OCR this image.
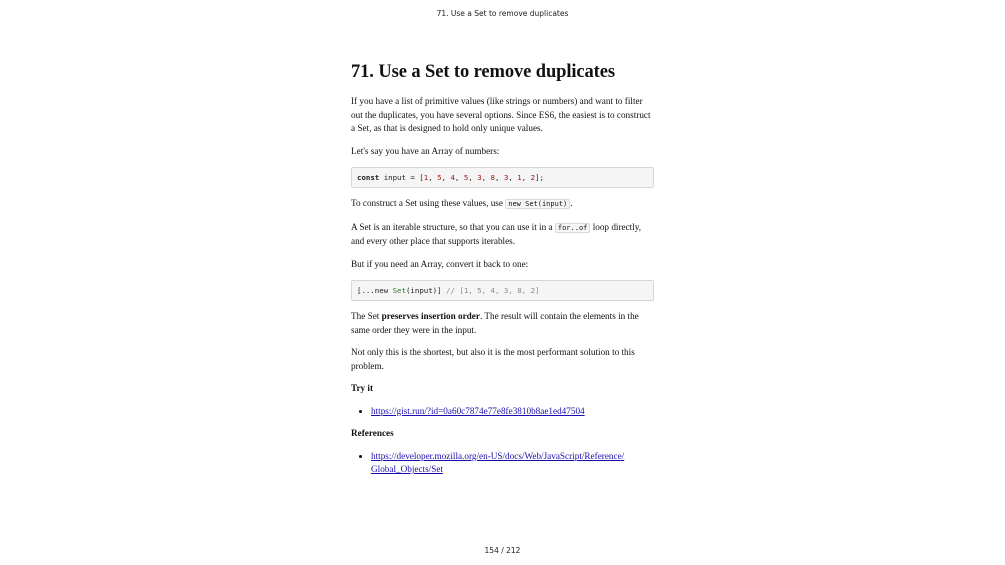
71. Use a Set to remove duplicates
71. Use a Set to remove duplicates

If you have a list of primitive values (like strings or numbers) and want to filter out the duplicates, you have several options. Since ES6, the easiest is to construct a Set, as that is designed to hold only unique values.

Let's say you have an Array of numbers:

const input = [1, 5, 4, 5, 3, 8, 3, 1, 2];

To construct a Set using these values, use new Set(input) .

A Set is an iterable structure, so that you can use it in a for..of loop directly, and every other place that supports iterables.

But if you need an Array, convert it back to one:

[...new Set(input)] // [1, 5, 4, 3, 8, 2]

The Set preserves insertion order. The result will contain the elements in the same order they were in the input.

Not only this is the shortest, but also it is the most performant solution to this problem.

Try it
• https://gist.run/?id=0a60c7874e77e8fe3810b8ae1ed47504
References
• https://developer.mozilla.org/en-US/docs/Web/JavaScript/Reference/
Global_Objects/Set
154 / 212
